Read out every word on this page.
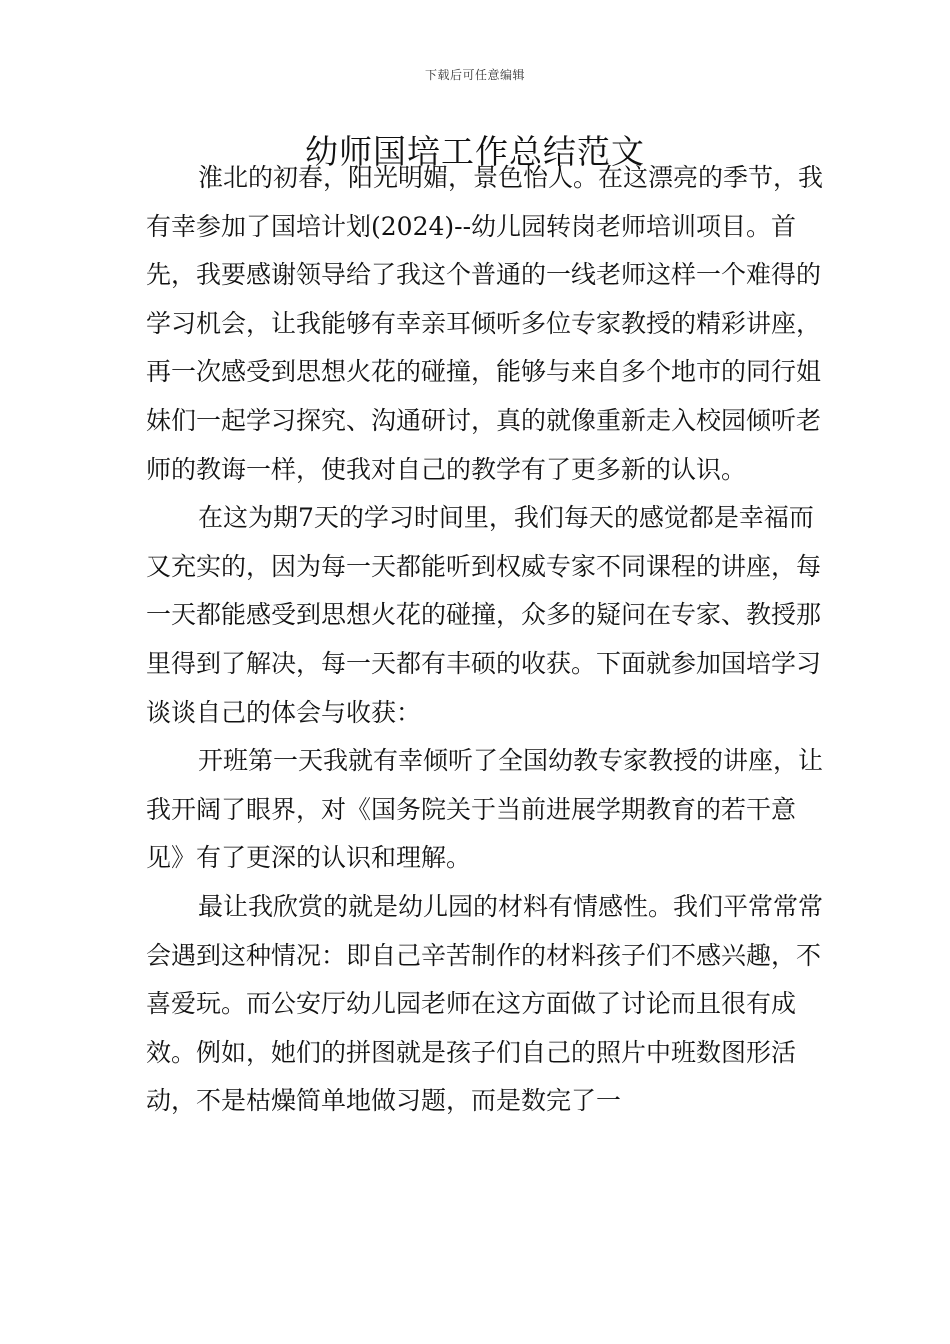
下载后可任意编辑
幼师国培工作总结范文

淮北的初春，阳光明媚，景色怡人。在这漂亮的季节，我有幸参加了国培计划(2024)--幼儿园转岗老师培训项目。首先，我要感谢领导给了我这个普通的一线老师这样一个难得的学习机会，让我能够有幸亲耳倾听多位专家教授的精彩讲座，再一次感受到思想火花的碰撞，能够与来自多个地市的同行姐妹们一起学习探究、沟通研讨，真的就像重新走入校园倾听老师的教诲一样，使我对自己的教学有了更多新的认识。

在这为期7天的学习时间里，我们每天的感觉都是幸福而又充实的，因为每一天都能听到权威专家不同课程的讲座，每一天都能感受到思想火花的碰撞，众多的疑问在专家、教授那里得到了解决，每一天都有丰硕的收获。下面就参加国培学习谈谈自己的体会与收获：

开班第一天我就有幸倾听了全国幼教专家教授的讲座，让我开阔了眼界，对《国务院关于当前进展学期教育的若干意见》有了更深的认识和理解。

最让我欣赏的就是幼儿园的材料有情感性。我们平常常常会遇到这种情况：即自己辛苦制作的材料孩子们不感兴趣，不喜爱玩。而公安厅幼儿园老师在这方面做了讨论而且很有成效。例如，她们的拼图就是孩子们自己的照片中班数图形活动，不是枯燥简单地做习题，而是数完了一
